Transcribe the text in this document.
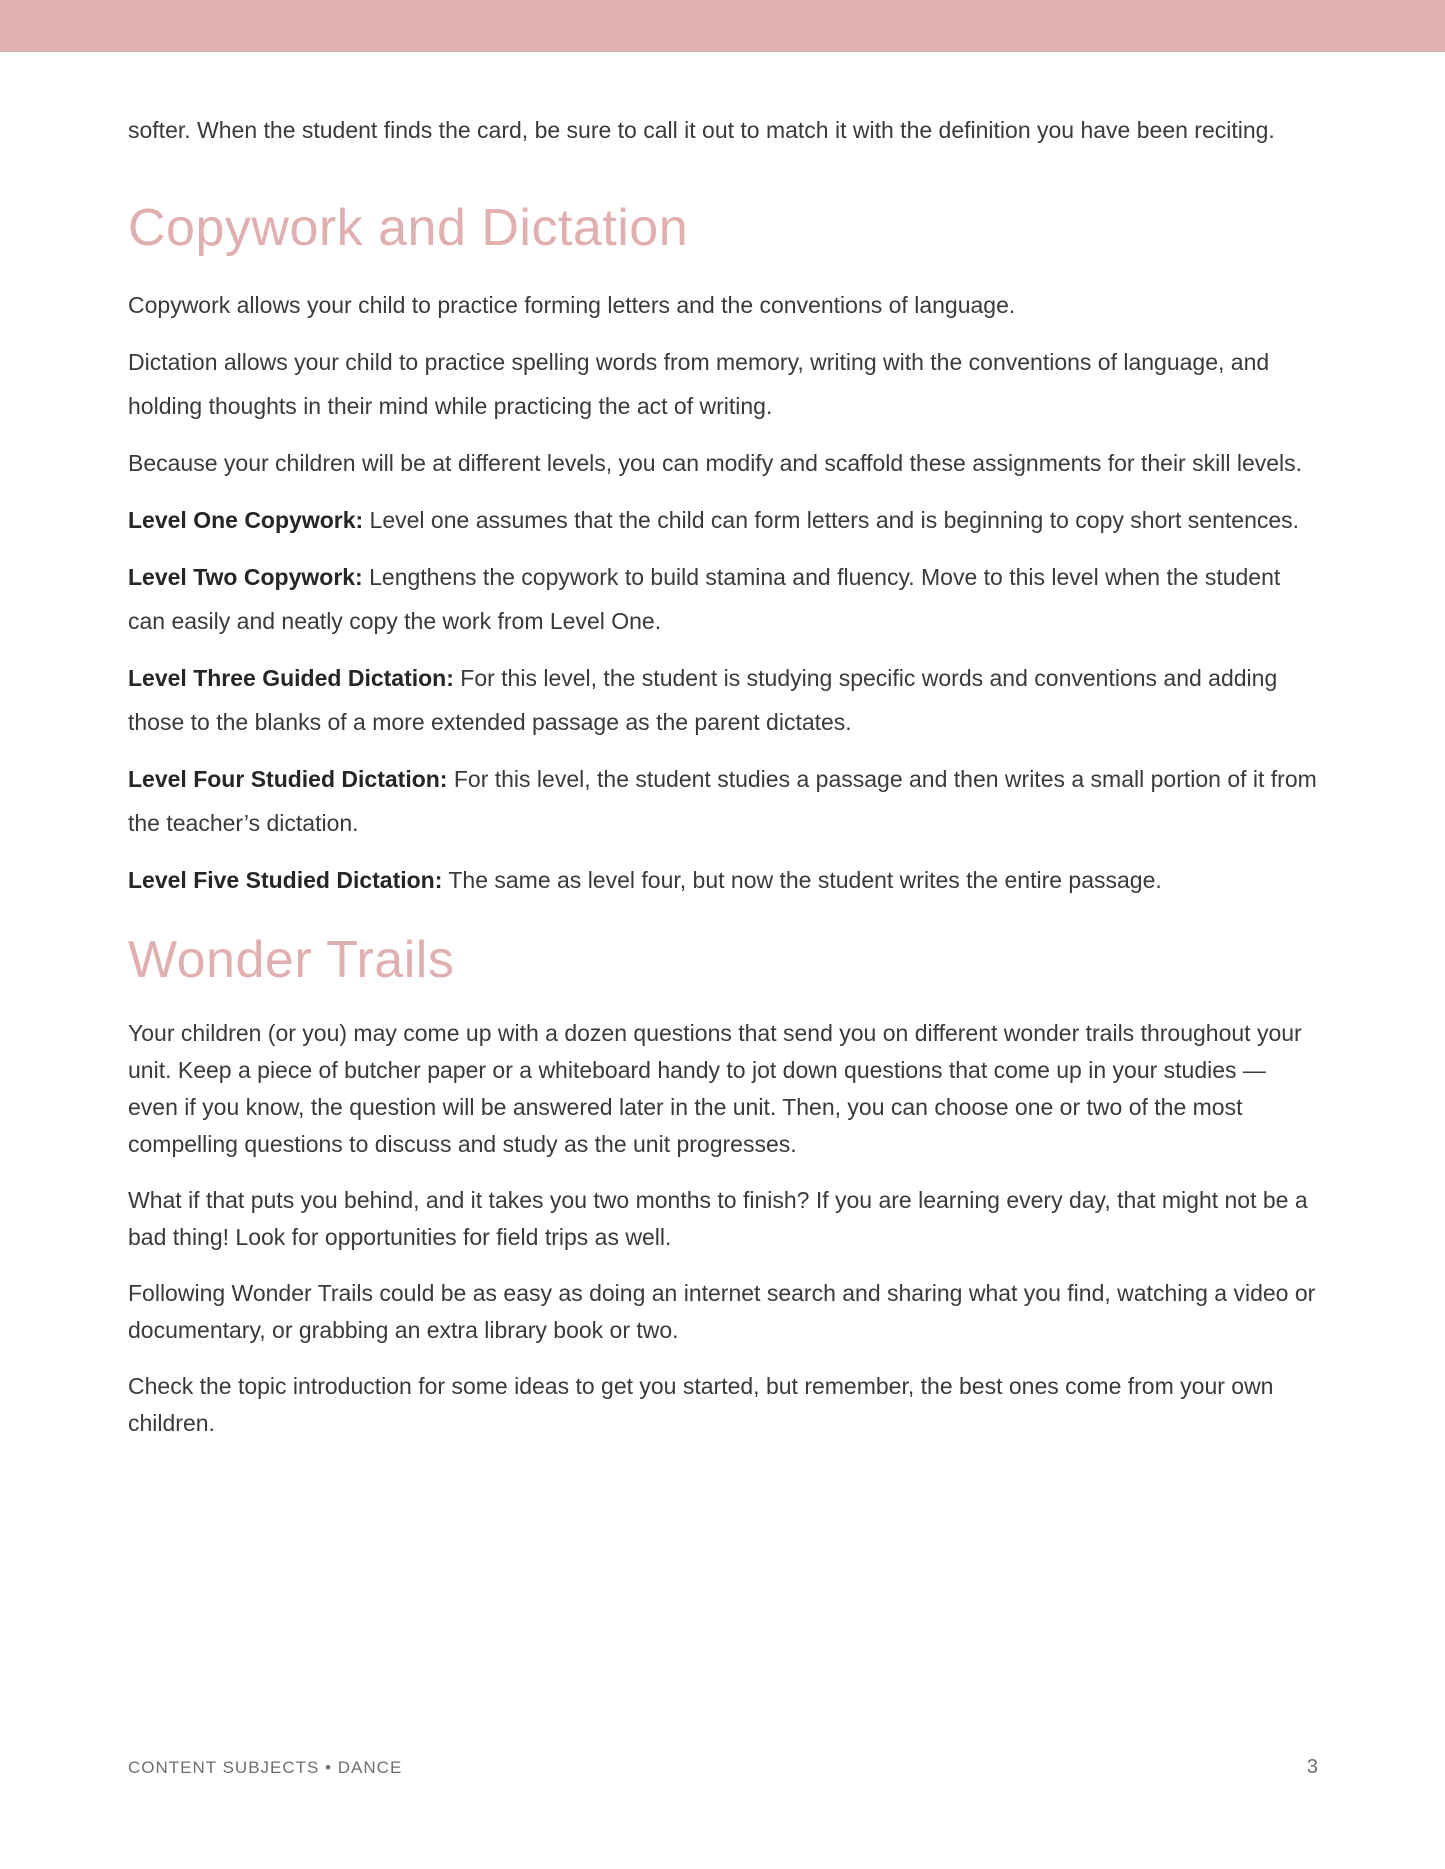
softer. When the student finds the card, be sure to call it out to match it with the definition you have been reciting.

Copywork and Dictation

Copywork allows your child to practice forming letters and the conventions of language.

Dictation allows your child to practice spelling words from memory, writing with the conventions of language, and holding thoughts in their mind while practicing the act of writing.

Because your children will be at different levels, you can modify and scaffold these assignments for their skill levels.

Level One Copywork: Level one assumes that the child can form letters and is beginning to copy short sentences.

Level Two Copywork: Lengthens the copywork to build stamina and fluency. Move to this level when the student can easily and neatly copy the work from Level One.

Level Three Guided Dictation: For this level, the student is studying specific words and conventions and adding those to the blanks of a more extended passage as the parent dictates.

Level Four Studied Dictation: For this level, the student studies a passage and then writes a small portion of it from the teacher’s dictation.

Level Five Studied Dictation: The same as level four, but now the student writes the entire passage.

Wonder Trails

Your children (or you) may come up with a dozen questions that send you on different wonder trails throughout your unit. Keep a piece of butcher paper or a whiteboard handy to jot down questions that come up in your studies — even if you know, the question will be answered later in the unit. Then, you can choose one or two of the most compelling questions to discuss and study as the unit progresses.

What if that puts you behind, and it takes you two months to finish? If you are learning every day, that might not be a bad thing! Look for opportunities for field trips as well.

Following Wonder Trails could be as easy as doing an internet search and sharing what you find, watching a video or documentary, or grabbing an extra library book or two.

Check the topic introduction for some ideas to get you started, but remember, the best ones come from your own children.

CONTENT SUBJECTS • DANCE	3
